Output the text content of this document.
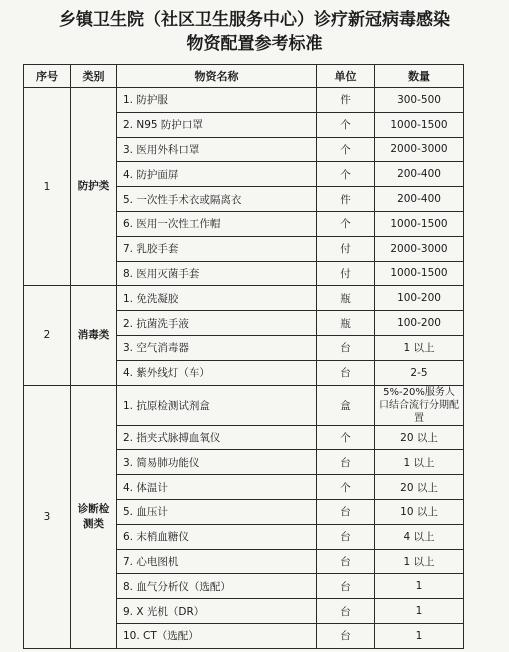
乡镇卫生院（社区卫生服务中心）诊疗新冠病毒感染
物资配置参考标准
序号	类别	物资名称	单位	数量
1	防护类	1. 防护服	件	300-500
		2. N95 防护口罩	个	1000-1500
		3. 医用外科口罩	个	2000-3000
		4. 防护面屏	个	200-400
		5. 一次性手术衣或隔离衣	件	200-400
		6. 医用一次性工作帽	个	1000-1500
		7. 乳胶手套	付	2000-3000
		8. 医用灭菌手套	付	1000-1500
2	消毒类	1. 免洗凝胶	瓶	100-200
		2. 抗菌洗手液	瓶	100-200
		3. 空气消毒器	台	1 以上
		4. 紫外线灯（车）	台	2-5
3	诊断检测类	1. 抗原检测试剂盒	盒	5%-20%服务人口结合流行分期配置
		2. 指夹式脉搏血氧仪	个	20 以上
		3. 简易肺功能仪	台	1 以上
		4. 体温计	个	20 以上
		5. 血压计	台	10 以上
		6. 末梢血糖仪	台	4 以上
		7. 心电图机	台	1 以上
		8. 血气分析仪（选配）	台	1
		9. X 光机（DR）	台	1
		10. CT（选配）	台	1
